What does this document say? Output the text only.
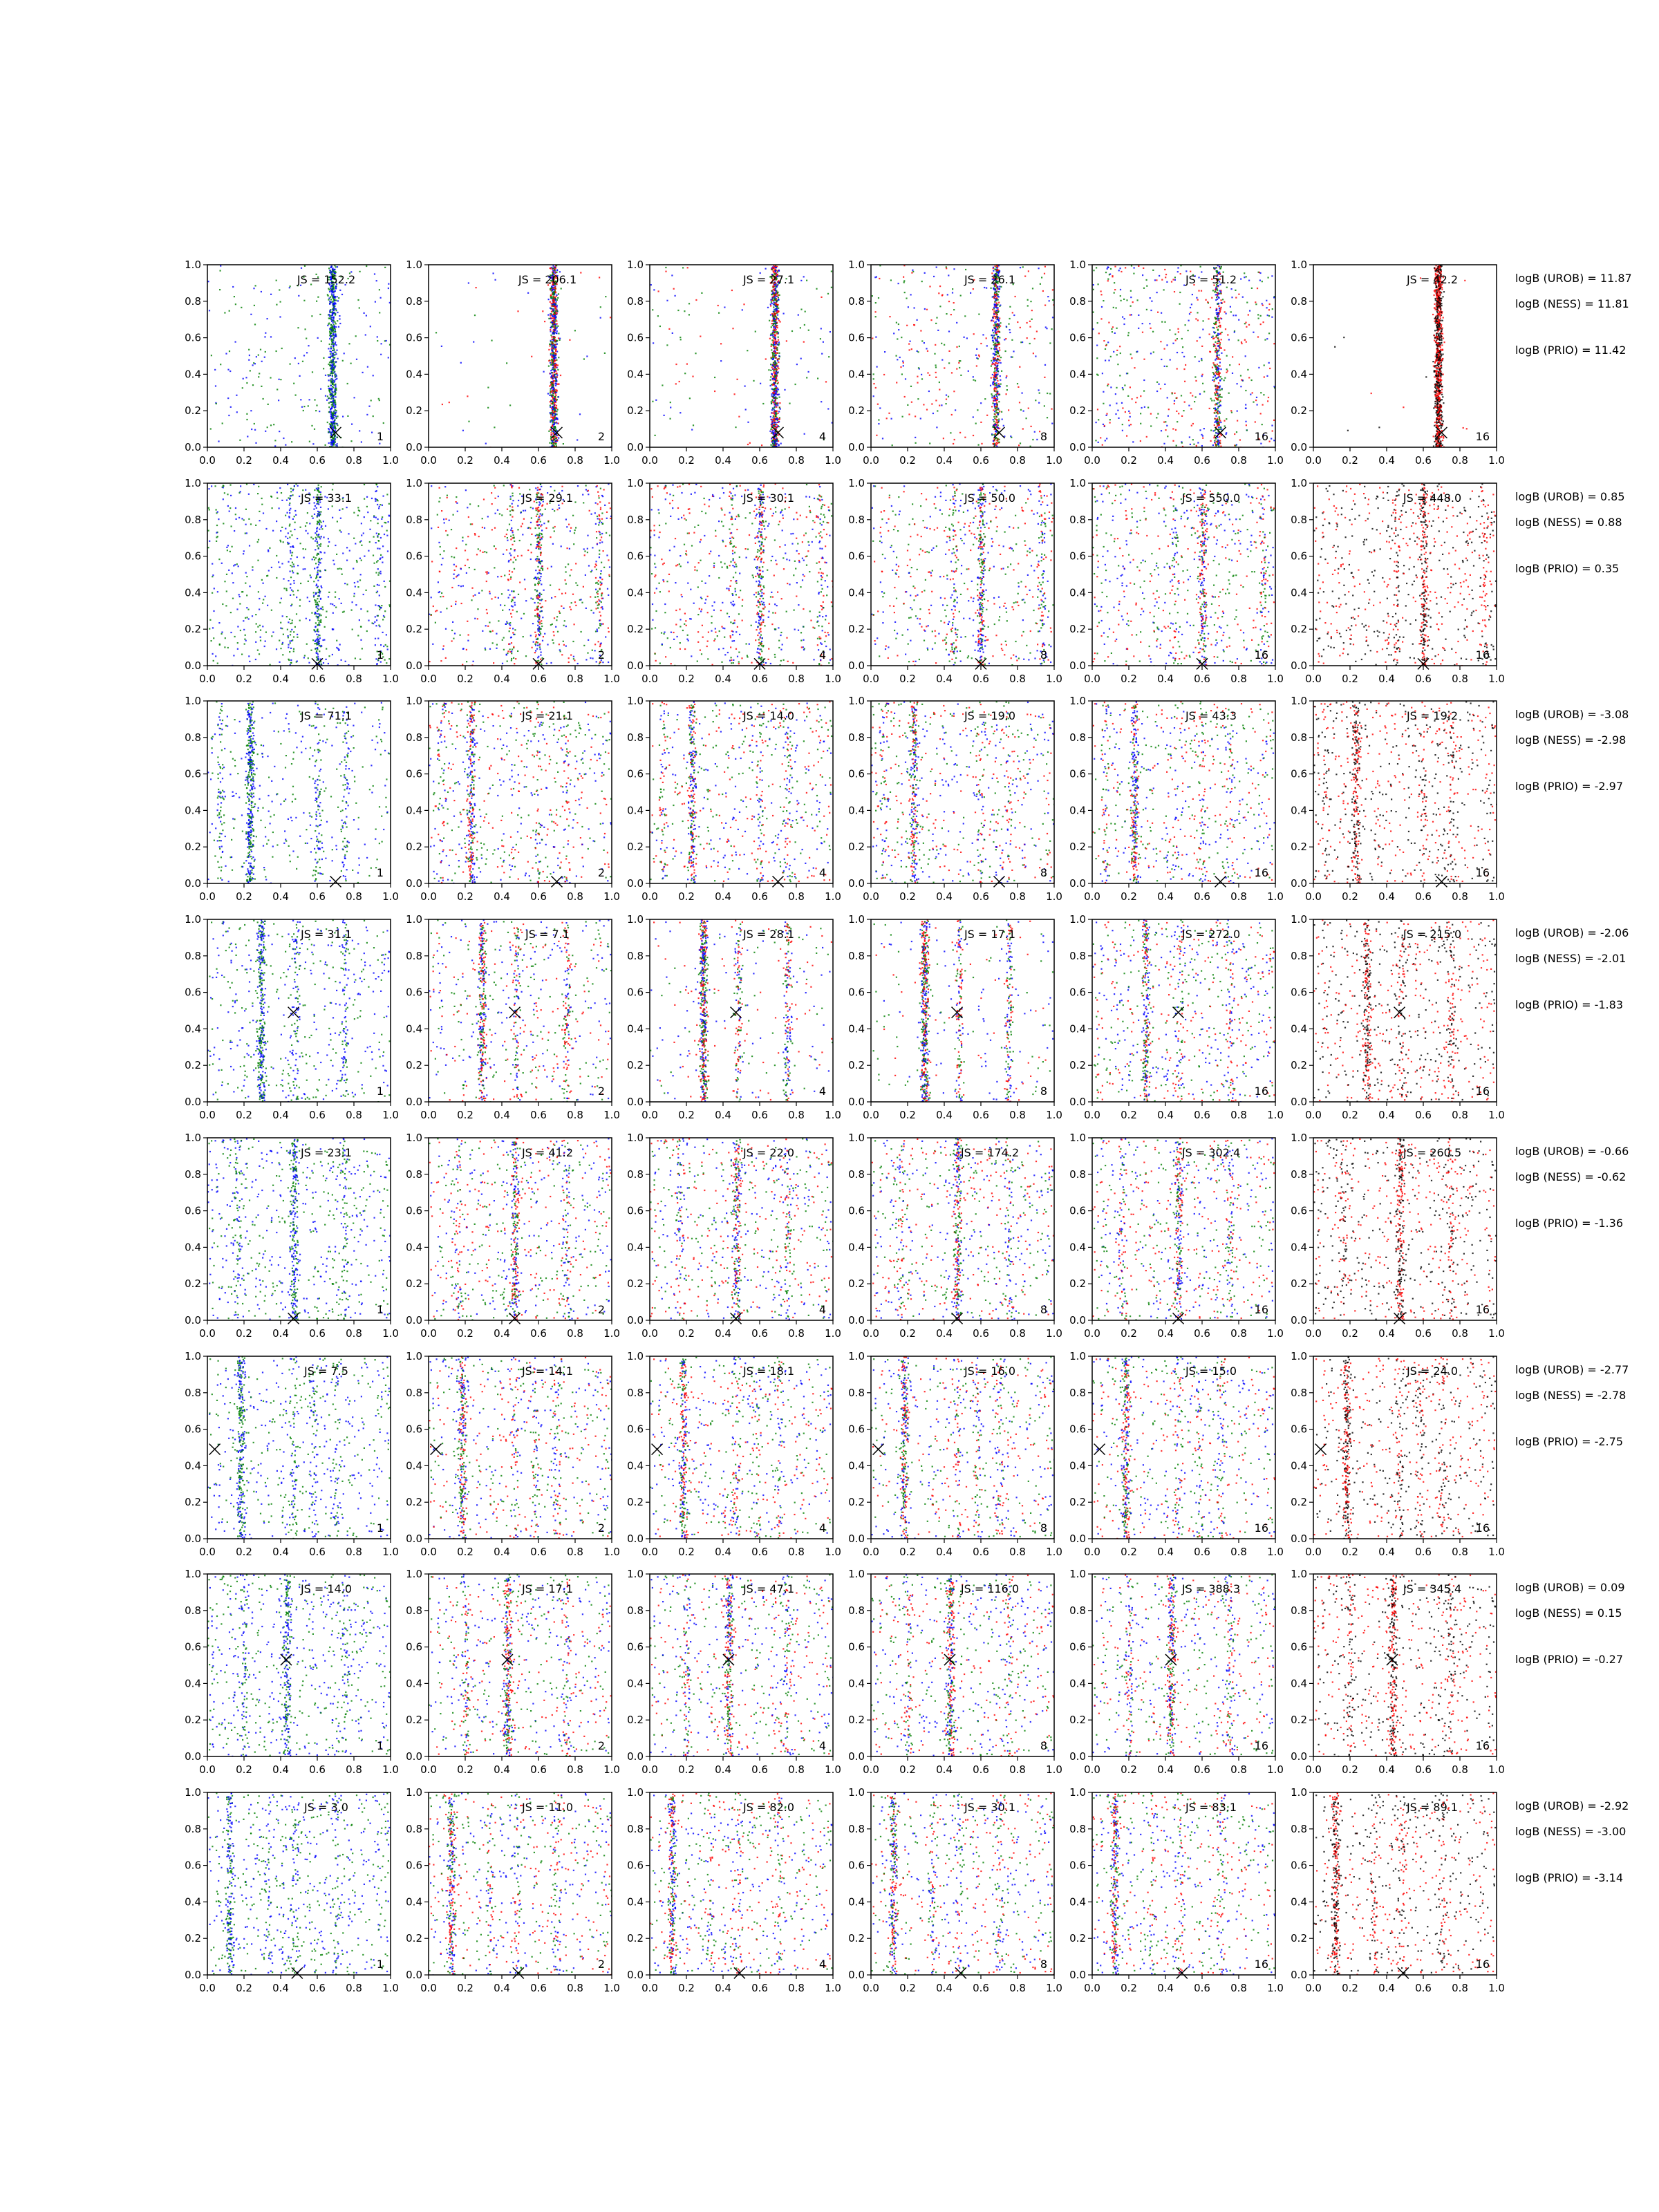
0.0
0.0
0.2
0.2
0.4
0.4
0.6
0.6
0.8
0.8
1.0
1.0
JS = 152.2
1
0.0
0.0
0.2
0.2
0.4
0.4
0.6
0.6
0.8
0.8
1.0
1.0
JS = 206.1
2
0.0
0.0
0.2
0.2
0.4
0.4
0.6
0.6
0.8
0.8
1.0
1.0
JS = 27.1
4
0.0
0.0
0.2
0.2
0.4
0.4
0.6
0.6
0.8
0.8
1.0
1.0
JS = 26.1
8
0.0
0.0
0.2
0.2
0.4
0.4
0.6
0.6
0.8
0.8
1.0
1.0
JS = 51.2
16
0.0
0.0
0.2
0.2
0.4
0.4
0.6
0.6
0.8
0.8
1.0
1.0
JS = 42.2
16
logB (UROB) = 11.87
logB (NESS) = 11.81
logB (PRIO) = 11.42
0.0
0.0
0.2
0.2
0.4
0.4
0.6
0.6
0.8
0.8
1.0
1.0
JS = 33.1
1
0.0
0.0
0.2
0.2
0.4
0.4
0.6
0.6
0.8
0.8
1.0
1.0
JS = 29.1
2
0.0
0.0
0.2
0.2
0.4
0.4
0.6
0.6
0.8
0.8
1.0
1.0
JS = 30.1
4
0.0
0.0
0.2
0.2
0.4
0.4
0.6
0.6
0.8
0.8
1.0
1.0
JS = 50.0
8
0.0
0.0
0.2
0.2
0.4
0.4
0.6
0.6
0.8
0.8
1.0
1.0
JS = 550.0
16
0.0
0.0
0.2
0.2
0.4
0.4
0.6
0.6
0.8
0.8
1.0
1.0
JS = 448.0
16
logB (UROB) = 0.85
logB (NESS) = 0.88
logB (PRIO) = 0.35
0.0
0.0
0.2
0.2
0.4
0.4
0.6
0.6
0.8
0.8
1.0
1.0
JS = 71.1
1
0.0
0.0
0.2
0.2
0.4
0.4
0.6
0.6
0.8
0.8
1.0
1.0
JS = 21.1
2
0.0
0.0
0.2
0.2
0.4
0.4
0.6
0.6
0.8
0.8
1.0
1.0
JS = 14.0
4
0.0
0.0
0.2
0.2
0.4
0.4
0.6
0.6
0.8
0.8
1.0
1.0
JS = 19.0
8
0.0
0.0
0.2
0.2
0.4
0.4
0.6
0.6
0.8
0.8
1.0
1.0
JS = 43.3
16
0.0
0.0
0.2
0.2
0.4
0.4
0.6
0.6
0.8
0.8
1.0
1.0
JS = 19.2
16
logB (UROB) = -3.08
logB (NESS) = -2.98
logB (PRIO) = -2.97
0.0
0.0
0.2
0.2
0.4
0.4
0.6
0.6
0.8
0.8
1.0
1.0
JS = 31.1
1
0.0
0.0
0.2
0.2
0.4
0.4
0.6
0.6
0.8
0.8
1.0
1.0
JS = 7.1
2
0.0
0.0
0.2
0.2
0.4
0.4
0.6
0.6
0.8
0.8
1.0
1.0
JS = 28.1
4
0.0
0.0
0.2
0.2
0.4
0.4
0.6
0.6
0.8
0.8
1.0
1.0
JS = 17.1
8
0.0
0.0
0.2
0.2
0.4
0.4
0.6
0.6
0.8
0.8
1.0
1.0
JS = 272.0
16
0.0
0.0
0.2
0.2
0.4
0.4
0.6
0.6
0.8
0.8
1.0
1.0
JS = 215.0
16
logB (UROB) = -2.06
logB (NESS) = -2.01
logB (PRIO) = -1.83
0.0
0.0
0.2
0.2
0.4
0.4
0.6
0.6
0.8
0.8
1.0
1.0
JS = 23.1
1
0.0
0.0
0.2
0.2
0.4
0.4
0.6
0.6
0.8
0.8
1.0
1.0
JS = 41.2
2
0.0
0.0
0.2
0.2
0.4
0.4
0.6
0.6
0.8
0.8
1.0
1.0
JS = 22.0
4
0.0
0.0
0.2
0.2
0.4
0.4
0.6
0.6
0.8
0.8
1.0
1.0
JS = 174.2
8
0.0
0.0
0.2
0.2
0.4
0.4
0.6
0.6
0.8
0.8
1.0
1.0
JS = 302.4
16
0.0
0.0
0.2
0.2
0.4
0.4
0.6
0.6
0.8
0.8
1.0
1.0
JS = 260.5
16
logB (UROB) = -0.66
logB (NESS) = -0.62
logB (PRIO) = -1.36
0.0
0.0
0.2
0.2
0.4
0.4
0.6
0.6
0.8
0.8
1.0
1.0
JS = 7.5
1
0.0
0.0
0.2
0.2
0.4
0.4
0.6
0.6
0.8
0.8
1.0
1.0
JS = 14.1
2
0.0
0.0
0.2
0.2
0.4
0.4
0.6
0.6
0.8
0.8
1.0
1.0
JS = 18.1
4
0.0
0.0
0.2
0.2
0.4
0.4
0.6
0.6
0.8
0.8
1.0
1.0
JS = 16.0
8
0.0
0.0
0.2
0.2
0.4
0.4
0.6
0.6
0.8
0.8
1.0
1.0
JS = 15.0
16
0.0
0.0
0.2
0.2
0.4
0.4
0.6
0.6
0.8
0.8
1.0
1.0
JS = 24.0
16
logB (UROB) = -2.77
logB (NESS) = -2.78
logB (PRIO) = -2.75
0.0
0.0
0.2
0.2
0.4
0.4
0.6
0.6
0.8
0.8
1.0
1.0
JS = 14.0
1
0.0
0.0
0.2
0.2
0.4
0.4
0.6
0.6
0.8
0.8
1.0
1.0
JS = 17.1
2
0.0
0.0
0.2
0.2
0.4
0.4
0.6
0.6
0.8
0.8
1.0
1.0
JS = 47.1
4
0.0
0.0
0.2
0.2
0.4
0.4
0.6
0.6
0.8
0.8
1.0
1.0
JS = 116.0
8
0.0
0.0
0.2
0.2
0.4
0.4
0.6
0.6
0.8
0.8
1.0
1.0
JS = 388.3
16
0.0
0.0
0.2
0.2
0.4
0.4
0.6
0.6
0.8
0.8
1.0
1.0
JS = 345.4
16
logB (UROB) = 0.09
logB (NESS) = 0.15
logB (PRIO) = -0.27
0.0
0.0
0.2
0.2
0.4
0.4
0.6
0.6
0.8
0.8
1.0
1.0
JS = 3.0
1
0.0
0.0
0.2
0.2
0.4
0.4
0.6
0.6
0.8
0.8
1.0
1.0
JS = 11.0
2
0.0
0.0
0.2
0.2
0.4
0.4
0.6
0.6
0.8
0.8
1.0
1.0
JS = 82.0
4
0.0
0.0
0.2
0.2
0.4
0.4
0.6
0.6
0.8
0.8
1.0
1.0
JS = 30.1
8
0.0
0.0
0.2
0.2
0.4
0.4
0.6
0.6
0.8
0.8
1.0
1.0
JS = 83.1
16
0.0
0.0
0.2
0.2
0.4
0.4
0.6
0.6
0.8
0.8
1.0
1.0
JS = 89.1
16
logB (UROB) = -2.92
logB (NESS) = -3.00
logB (PRIO) = -3.14
